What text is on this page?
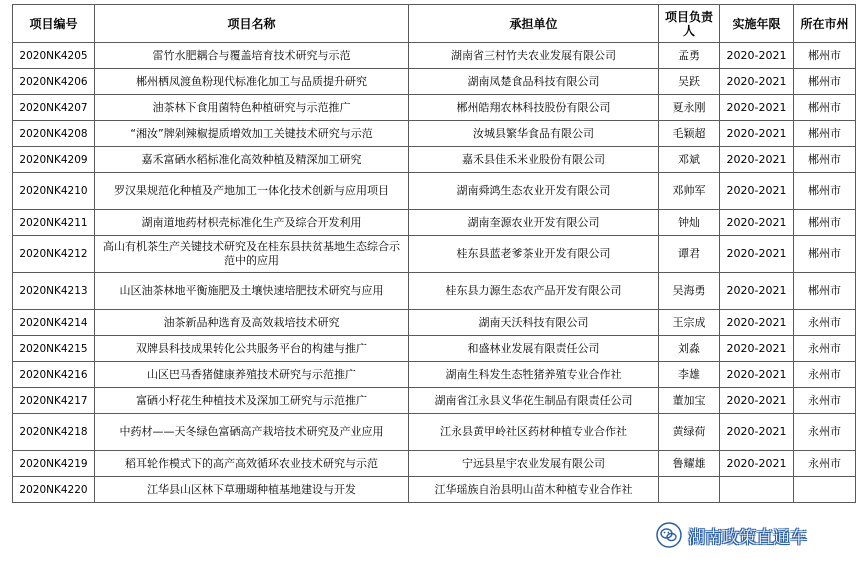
项目编号	项目名称	承担单位	项目负责人	实施年限	所在市州
2020NK4205	雷竹水肥耦合与覆盖培育技术研究与示范	湖南省三村竹夫农业发展有限公司	孟勇	2020-2021	郴州市
2020NK4206	郴州栖凤渡鱼粉现代标准化加工与品质提升研究	湖南凤楚食品科技有限公司	吴跃	2020-2021	郴州市
2020NK4207	油茶林下食用菌特色种植研究与示范推广	郴州皓翔农林科技股份有限公司	夏永刚	2020-2021	郴州市
2020NK4208	“湘汝”牌剁辣椒提质增效加工关键技术研究与示范	汝城县繁华食品有限公司	毛颖超	2020-2021	郴州市
2020NK4209	嘉禾富硒水稻标准化高效种植及精深加工研究	嘉禾县佳禾米业股份有限公司	邓斌	2020-2021	郴州市
2020NK4210	罗汉果规范化种植及产地加工一体化技术创新与应用项目	湖南舜鸿生态农业开发有限公司	邓帅军	2020-2021	郴州市
2020NK4211	湖南道地药材枳壳标准化生产及综合开发利用	湖南奎源农业开发有限公司	钟灿	2020-2021	郴州市
2020NK4212	高山有机茶生产关键技术研究及在桂东县扶贫基地生态综合示范中的应用	桂东县蓝老爹茶业开发有限公司	谭君	2020-2021	郴州市
2020NK4213	山区油茶林地平衡施肥及土壤快速培肥技术研究与应用	桂东县力源生态农产品开发有限公司	吴海勇	2020-2021	郴州市
2020NK4214	油茶新品种选育及高效栽培技术研究	湖南天沃科技有限公司	王宗成	2020-2021	永州市
2020NK4215	双牌县科技成果转化公共服务平台的构建与推广	和盛林业发展有限责任公司	刘淼	2020-2021	永州市
2020NK4216	山区巴马香猪健康养殖技术研究与示范推广	湖南生科发生态牲猪养殖专业合作社	李雄	2020-2021	永州市
2020NK4217	富硒小籽花生种植技术及深加工研究与示范推广	湖南省江永县义华花生制品有限责任公司	董加宝	2020-2021	永州市
2020NK4218	中药材——天冬绿色富硒高产栽培技术研究及产业应用	江永县黄甲岭社区药材种植专业合作社	黄绿荷	2020-2021	永州市
2020NK4219	稻耳轮作模式下的高产高效循环农业技术研究与示范	宁远县星宇农业发展有限公司	鲁耀雄	2020-2021	永州市
2020NK4220	江华县山区林下草珊瑚种植基地建设与开发	江华瑶族自治县明山苗木种植专业合作社			
湖南政策直通车
